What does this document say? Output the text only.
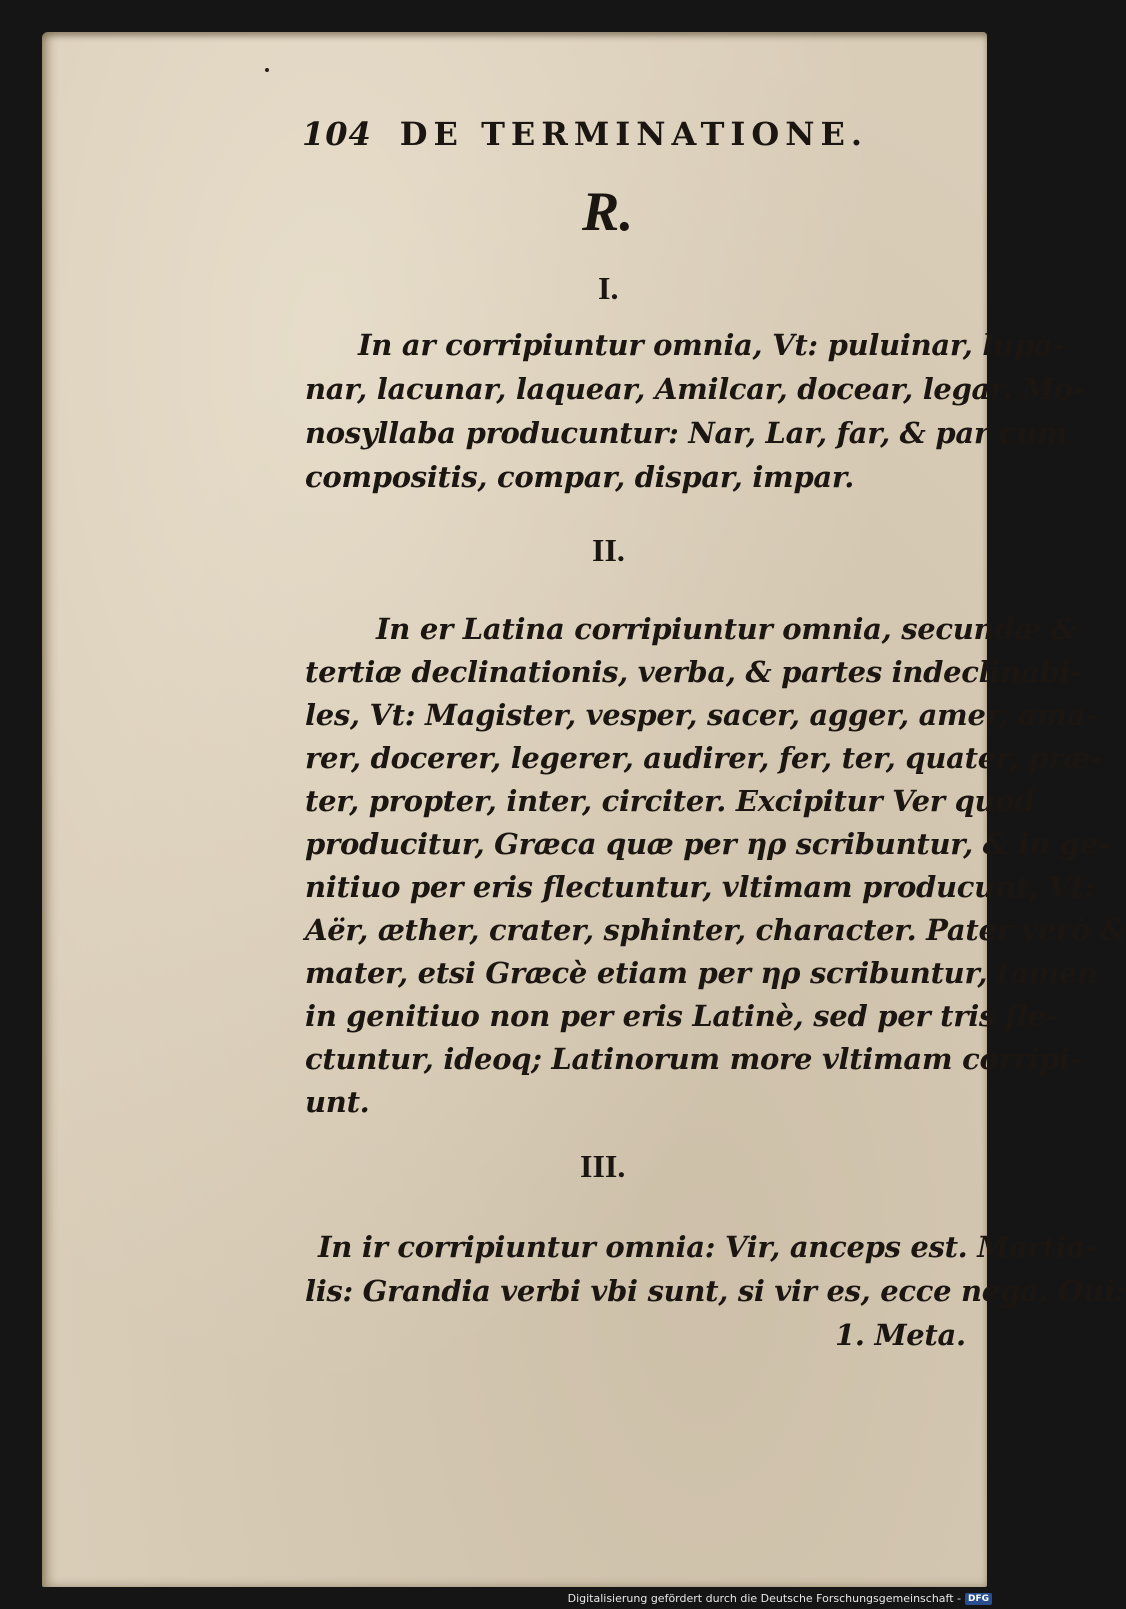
104 DE TERMINATIONE.
R.
I.
In ar corripiuntur omnia, Vt: puluinar, lupa-
nar, lacunar, laquear, Amilcar, docear, legar. Mo-
nosyllaba producuntur: Nar, Lar, far, & par cum
compositis, compar, dispar, impar.
II.
In er Latina corripiuntur omnia, secundæ &
tertiæ declinationis, verba, & partes indeclinabi-
les, Vt: Magister, vesper, sacer, agger, amer, ama-
rer, docerer, legerer, audirer, fer, ter, quater, præ-
ter, propter, inter, circiter. Excipitur Ver quod
producitur, Græca quæ per ηρ scribuntur, & in ge-
nitiuo per eris flectuntur, vltimam producunt, Vt:
Aër, æther, crater, sphinter, character. Pater verò &
mater, etsi Græcè etiam per ηρ scribuntur, tamen
in genitiuo non per eris Latinè, sed per tris fle-
ctuntur, ideoq; Latinorum more vltimam corripi-
unt.
III.
In ir corripiuntur omnia: Vir, anceps est. Martia-
lis: Grandia verbi vbi sunt, si vir es, ecce nega. Ouí:
1. Meta.
Digitalisierung gefördert durch die Deutsche Forschungsgemeinschaft - DFG
